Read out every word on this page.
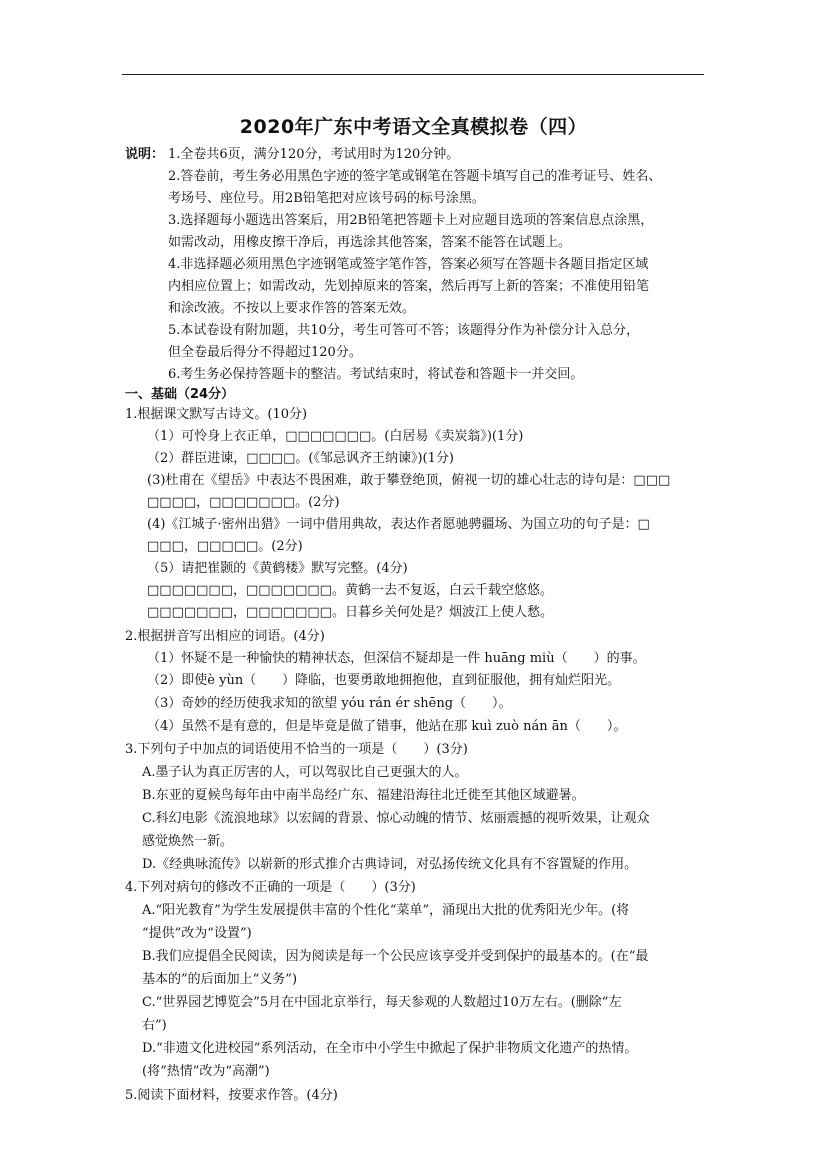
2020年广东中考语文全真模拟卷（四）
说明： 1.全卷共6页，满分120分，考试用时为120分钟。
2.答卷前，考生务必用黑色字迹的签字笔或钢笔在答题卡填写自己的准考证号、姓名、
考场号、座位号。用2B铅笔把对应该号码的标号涂黑。
3.选择题每小题选出答案后，用2B铅笔把答题卡上对应题目选项的答案信息点涂黑，
如需改动，用橡皮擦干净后，再选涂其他答案，答案不能答在试题上。
4.非选择题必须用黑色字迹钢笔或签字笔作答，答案必须写在答题卡各题目指定区域
内相应位置上；如需改动，先划掉原来的答案，然后再写上新的答案；不准使用铅笔
和涂改液。不按以上要求作答的答案无效。
5.本试卷设有附加题，共10分，考生可答可不答；该题得分作为补偿分计入总分，
但全卷最后得分不得超过120分。
6.考生务必保持答题卡的整洁。考试结束时，将试卷和答题卡一并交回。
一、基础（24分）
1.根据课文默写古诗文。(10分)
（1）可怜身上衣正单，□□□□□□□。(白居易《卖炭翁》)(1分)
（2）群臣进谏，□□□□。(《邹忌讽齐王纳谏》)(1分)
(3)杜甫在《望岳》中表达不畏困难，敢于攀登绝顶，俯视一切的雄心壮志的诗句是：□□□
□□□□，□□□□□□□。(2分)
(4)《江城子·密州出猎》一词中借用典故，表达作者愿驰骋疆场、为国立功的句子是：□
□□□，□□□□□。(2分)
（5）请把崔颢的《黄鹤楼》默写完整。(4分)
□□□□□□□，□□□□□□□。黄鹤一去不复返，白云千载空悠悠。
□□□□□□□，□□□□□□□。日暮乡关何处是？烟波江上使人愁。
2.根据拼音写出相应的词语。(4分)
（1）怀疑不是一种愉快的精神状态，但深信不疑却是一件 huāng miù（　　）的事。
（2）即使è yùn（　　）降临，也要勇敢地拥抱他，直到征服他，拥有灿烂阳光。
（3）奇妙的经历使我求知的欲望 yóu rán ér shēng（　　）。
（4）虽然不是有意的，但是毕竟是做了错事，他站在那 kuì zuò nán ān（　　）。
3.下列句子中加点的词语使用不恰当的一项是（　　）(3分)
A.墨子认为真正厉害的人，可以驾驭比自己更强大的人。
B.东亚的夏候鸟每年由中南半岛经广东、福建沿海往北迁徙至其他区域避暑。
C.科幻电影《流浪地球》以宏阔的背景、惊心动魄的情节、炫丽震撼的视听效果，让观众
感觉焕然一新。
D.《经典咏流传》以崭新的形式推介古典诗词，对弘扬传统文化具有不容置疑的作用。
4.下列对病句的修改不正确的一项是（　　）(3分)
A.“阳光教育”为学生发展提供丰富的个性化“菜单”，涌现出大批的优秀阳光少年。(将
“提供”改为“设置”)
B.我们应提倡全民阅读，因为阅读是每一个公民应该享受并受到保护的最基本的。(在“最
基本的”的后面加上“义务”)
C.“世界园艺博览会”5月在中国北京举行，每天参观的人数超过10万左右。(删除“左
右”)
D.“非遗文化进校园”系列活动，在全市中小学生中掀起了保护非物质文化遗产的热情。
(将“热情”改为“高潮”)
5.阅读下面材料，按要求作答。(4分)
